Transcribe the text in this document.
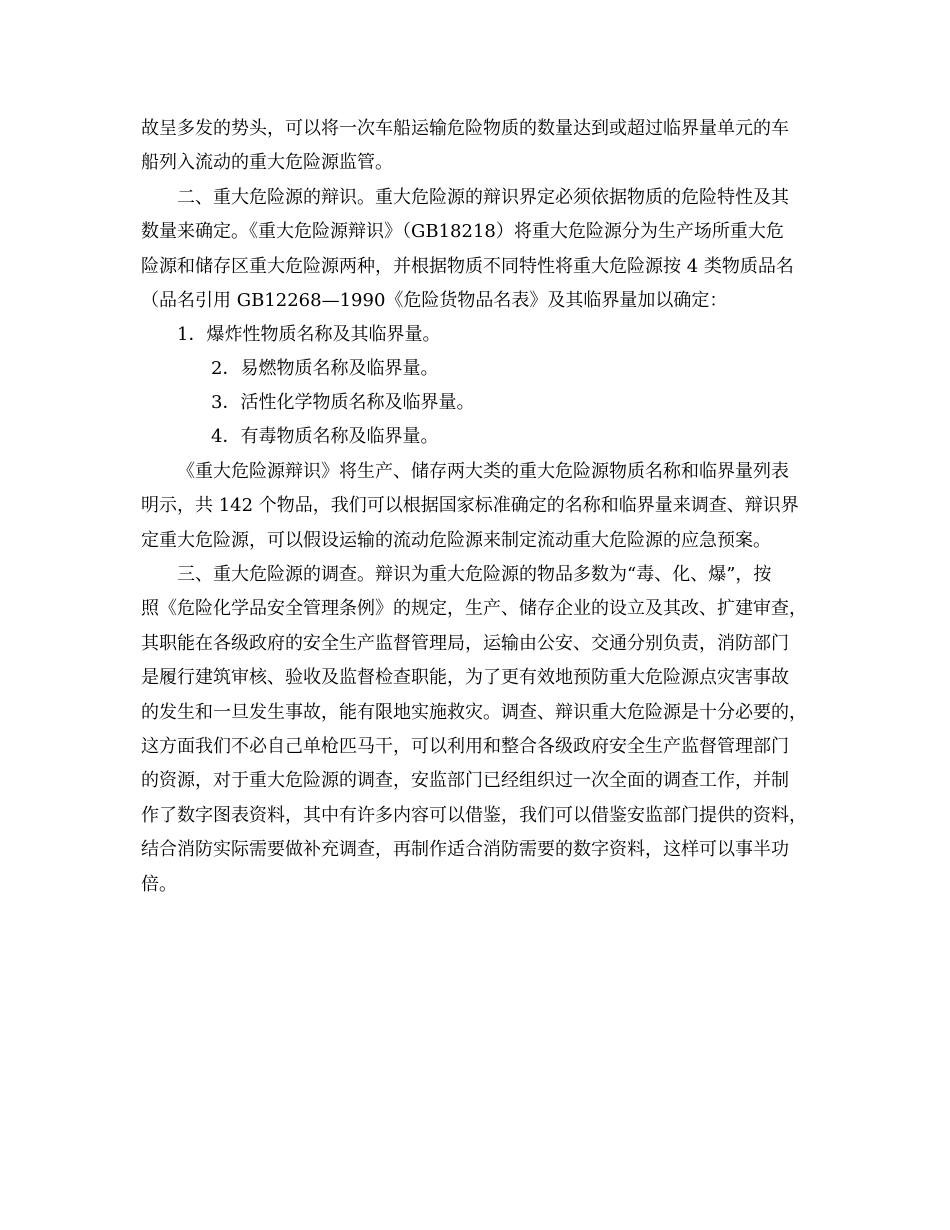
故呈多发的势头，可以将一次车船运输危险物质的数量达到或超过临界量单元的车
船列入流动的重大危险源监管。
二、重大危险源的辩识。重大危险源的辩识界定必须依据物质的危险特性及其
数量来确定。《重大危险源辩识》（GB18218）将重大危险源分为生产场所重大危
险源和储存区重大危险源两种，并根据物质不同特性将重大危险源按 4 类物质品名
（品名引用 GB12268—1990《危险货物品名表》及其临界量加以确定：
1．爆炸性物质名称及其临界量。
2．易燃物质名称及临界量。
3．活性化学物质名称及临界量。
4．有毒物质名称及临界量。
《重大危险源辩识》将生产、储存两大类的重大危险源物质名称和临界量列表
明示，共 142 个物品，我们可以根据国家标准确定的名称和临界量来调查、辩识界
定重大危险源，可以假设运输的流动危险源来制定流动重大危险源的应急预案。
三、重大危险源的调查。辩识为重大危险源的物品多数为“毒、化、爆”，按
照《危险化学品安全管理条例》的规定，生产、储存企业的设立及其改、扩建审查，
其职能在各级政府的安全生产监督管理局，运输由公安、交通分别负责，消防部门
是履行建筑审核、验收及监督检查职能，为了更有效地预防重大危险源点灾害事故
的发生和一旦发生事故，能有限地实施救灾。调查、辩识重大危险源是十分必要的，
这方面我们不必自己单枪匹马干，可以利用和整合各级政府安全生产监督管理部门
的资源，对于重大危险源的调查，安监部门已经组织过一次全面的调查工作，并制
作了数字图表资料，其中有许多内容可以借鉴，我们可以借鉴安监部门提供的资料，
结合消防实际需要做补充调查，再制作适合消防需要的数字资料，这样可以事半功
倍。
